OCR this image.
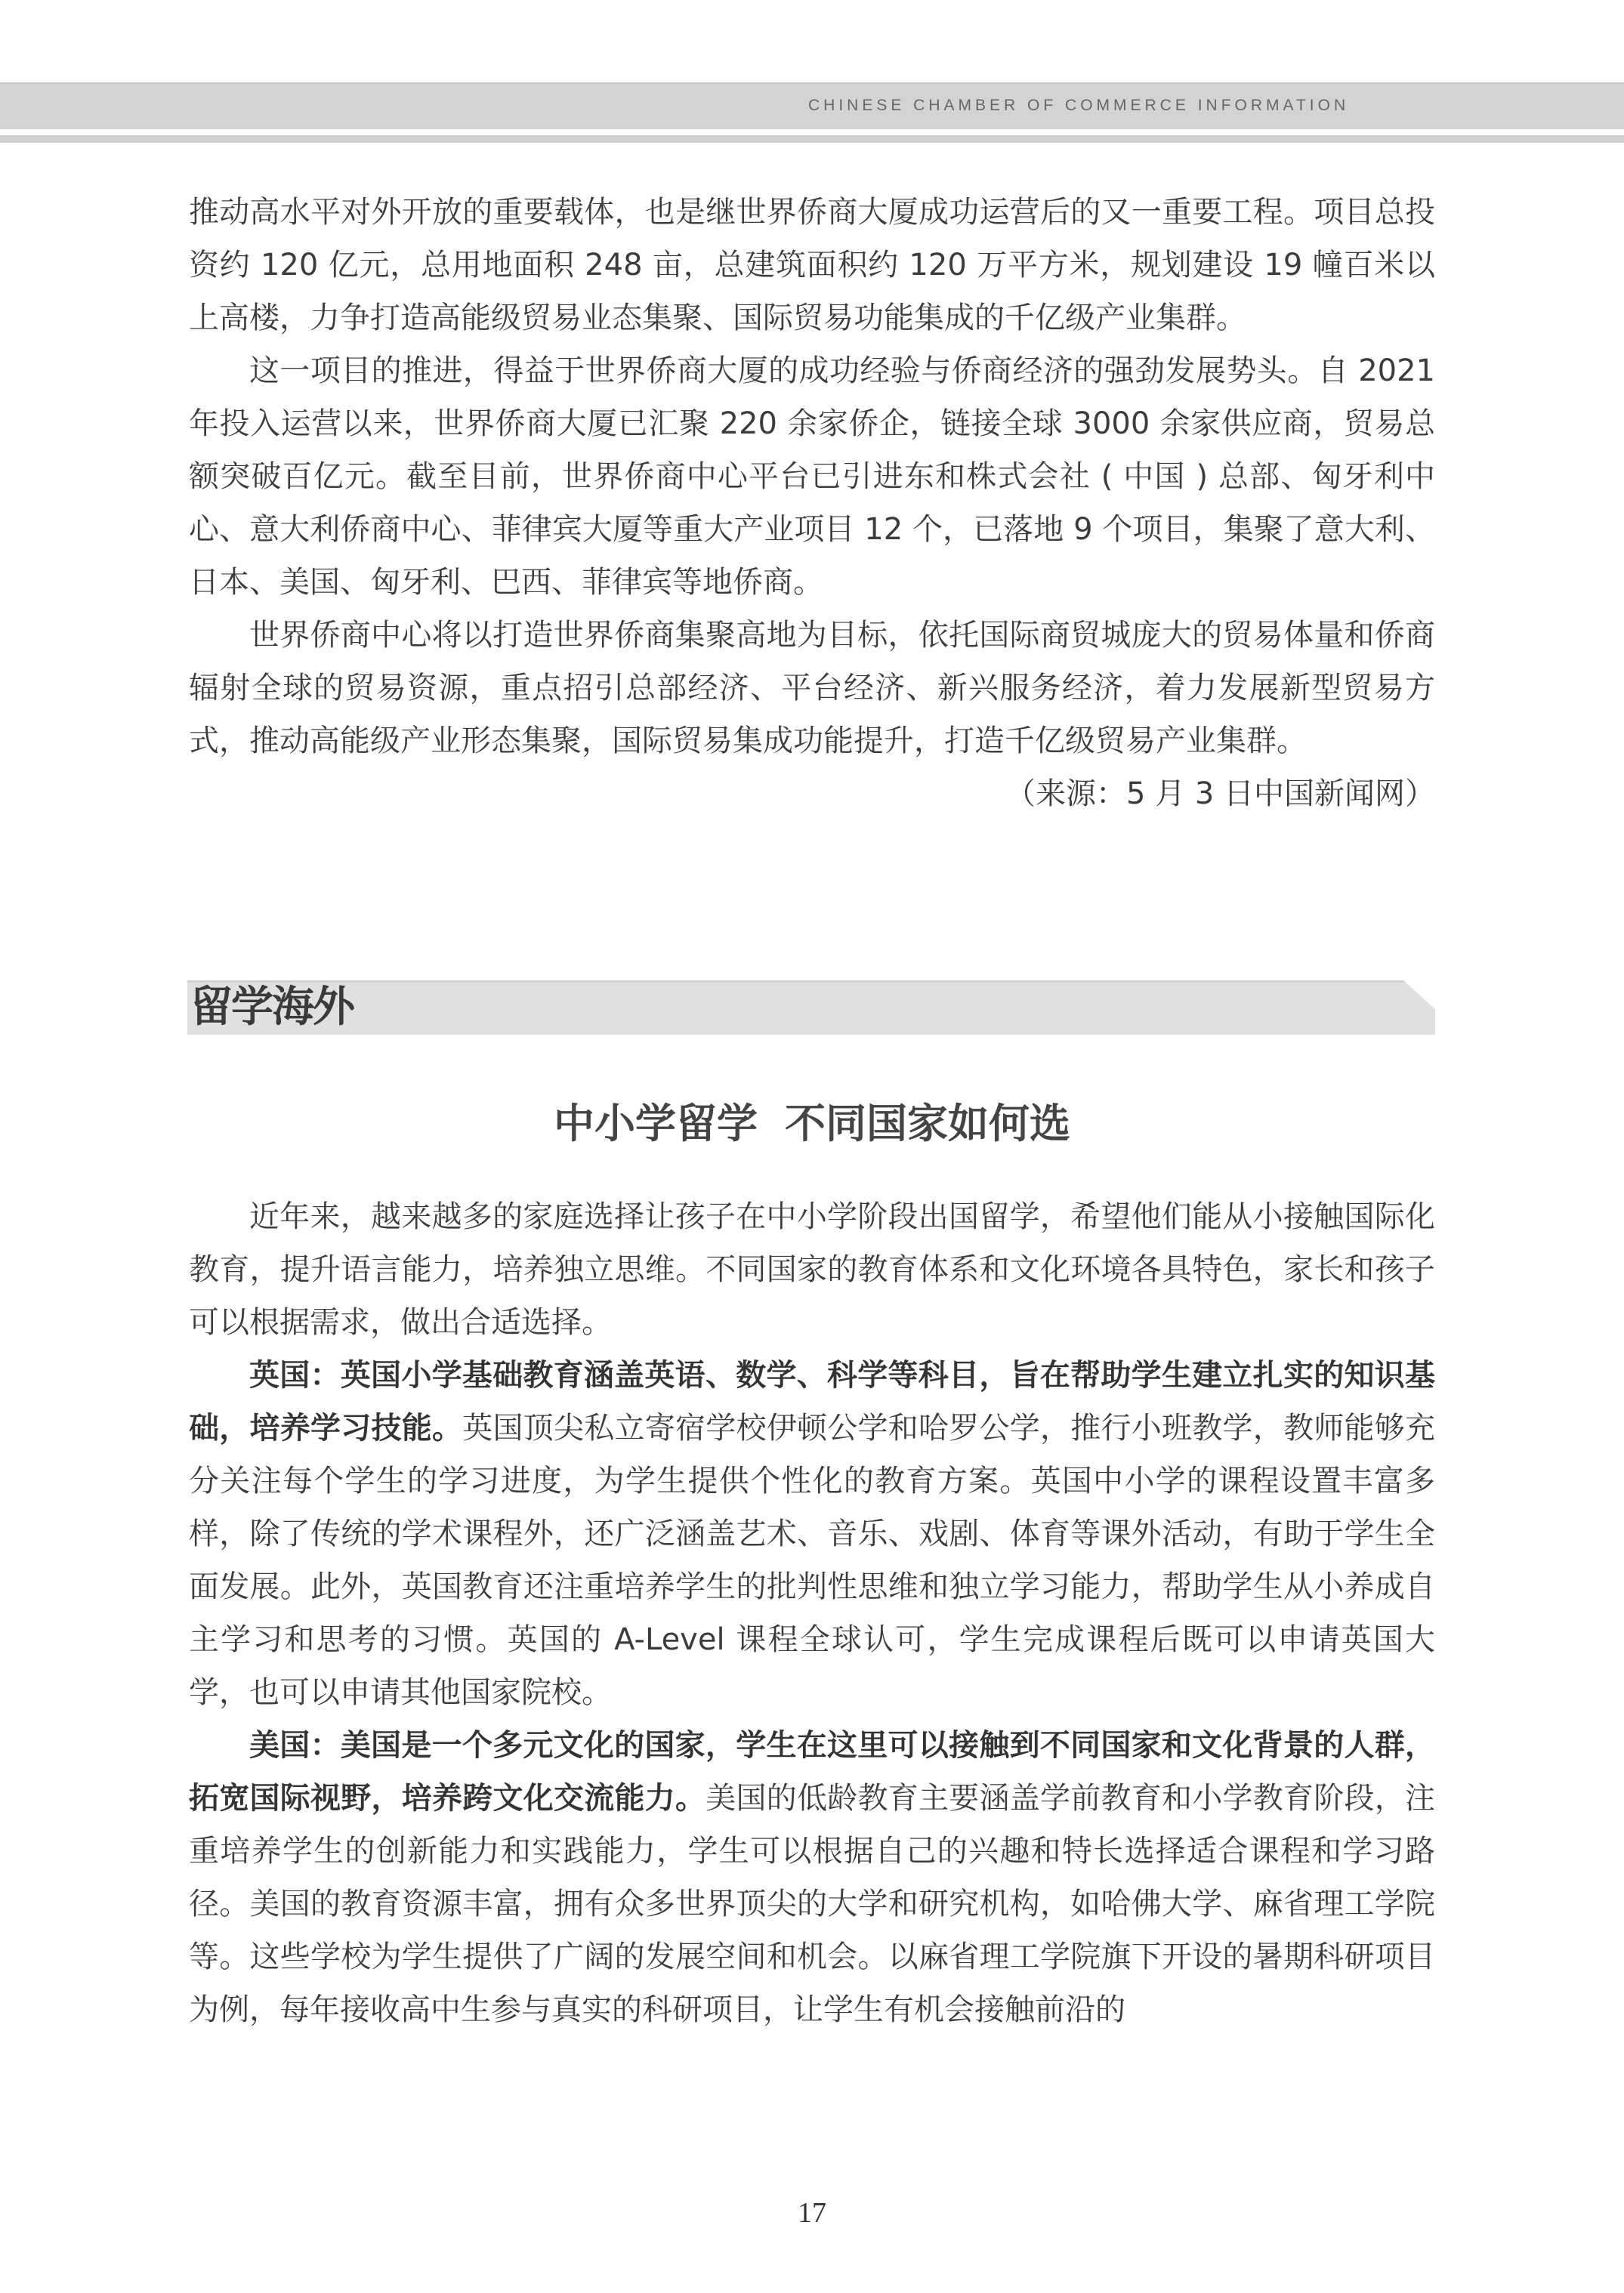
CHINESE CHAMBER OF COMMERCE INFORMATION

推动高水平对外开放的重要载体，也是继世界侨商大厦成功运营后的又一重要工程。项目总投资约 120 亿元，总用地面积 248 亩，总建筑面积约 120 万平方米，规划建设 19 幢百米以上高楼，力争打造高能级贸易业态集聚、国际贸易功能集成的千亿级产业集群。

这一项目的推进，得益于世界侨商大厦的成功经验与侨商经济的强劲发展势头。自 2021 年投入运营以来，世界侨商大厦已汇聚 220 余家侨企，链接全球 3000 余家供应商，贸易总额突破百亿元。截至目前，世界侨商中心平台已引进东和株式会社 ( 中国 ) 总部、匈牙利中心、意大利侨商中心、菲律宾大厦等重大产业项目 12 个，已落地 9 个项目，集聚了意大利、日本、美国、匈牙利、巴西、菲律宾等地侨商。

世界侨商中心将以打造世界侨商集聚高地为目标，依托国际商贸城庞大的贸易体量和侨商辐射全球的贸易资源，重点招引总部经济、平台经济、新兴服务经济，着力发展新型贸易方式，推动高能级产业形态集聚，国际贸易集成功能提升，打造千亿级贸易产业集群。

（来源：5 月 3 日中国新闻网）

留学海外
中小学留学 不同国家如何选

近年来，越来越多的家庭选择让孩子在中小学阶段出国留学，希望他们能从小接触国际化教育，提升语言能力，培养独立思维。不同国家的教育体系和文化环境各具特色，家长和孩子可以根据需求，做出合适选择。

英国：英国小学基础教育涵盖英语、数学、科学等科目，旨在帮助学生建立扎实的知识基础，培养学习技能。英国顶尖私立寄宿学校伊顿公学和哈罗公学，推行小班教学，教师能够充分关注每个学生的学习进度，为学生提供个性化的教育方案。英国中小学的课程设置丰富多样，除了传统的学术课程外，还广泛涵盖艺术、音乐、戏剧、体育等课外活动，有助于学生全面发展。此外，英国教育还注重培养学生的批判性思维和独立学习能力，帮助学生从小养成自主学习和思考的习惯。英国的 A-Level 课程全球认可，学生完成课程后既可以申请英国大学，也可以申请其他国家院校。

美国：美国是一个多元文化的国家，学生在这里可以接触到不同国家和文化背景的人群，拓宽国际视野，培养跨文化交流能力。美国的低龄教育主要涵盖学前教育和小学教育阶段，注重培养学生的创新能力和实践能力，学生可以根据自己的兴趣和特长选择适合课程和学习路径。美国的教育资源丰富，拥有众多世界顶尖的大学和研究机构，如哈佛大学、麻省理工学院等。这些学校为学生提供了广阔的发展空间和机会。以麻省理工学院旗下开设的暑期科研项目为例，每年接收高中生参与真实的科研项目，让学生有机会接触前沿的

17
